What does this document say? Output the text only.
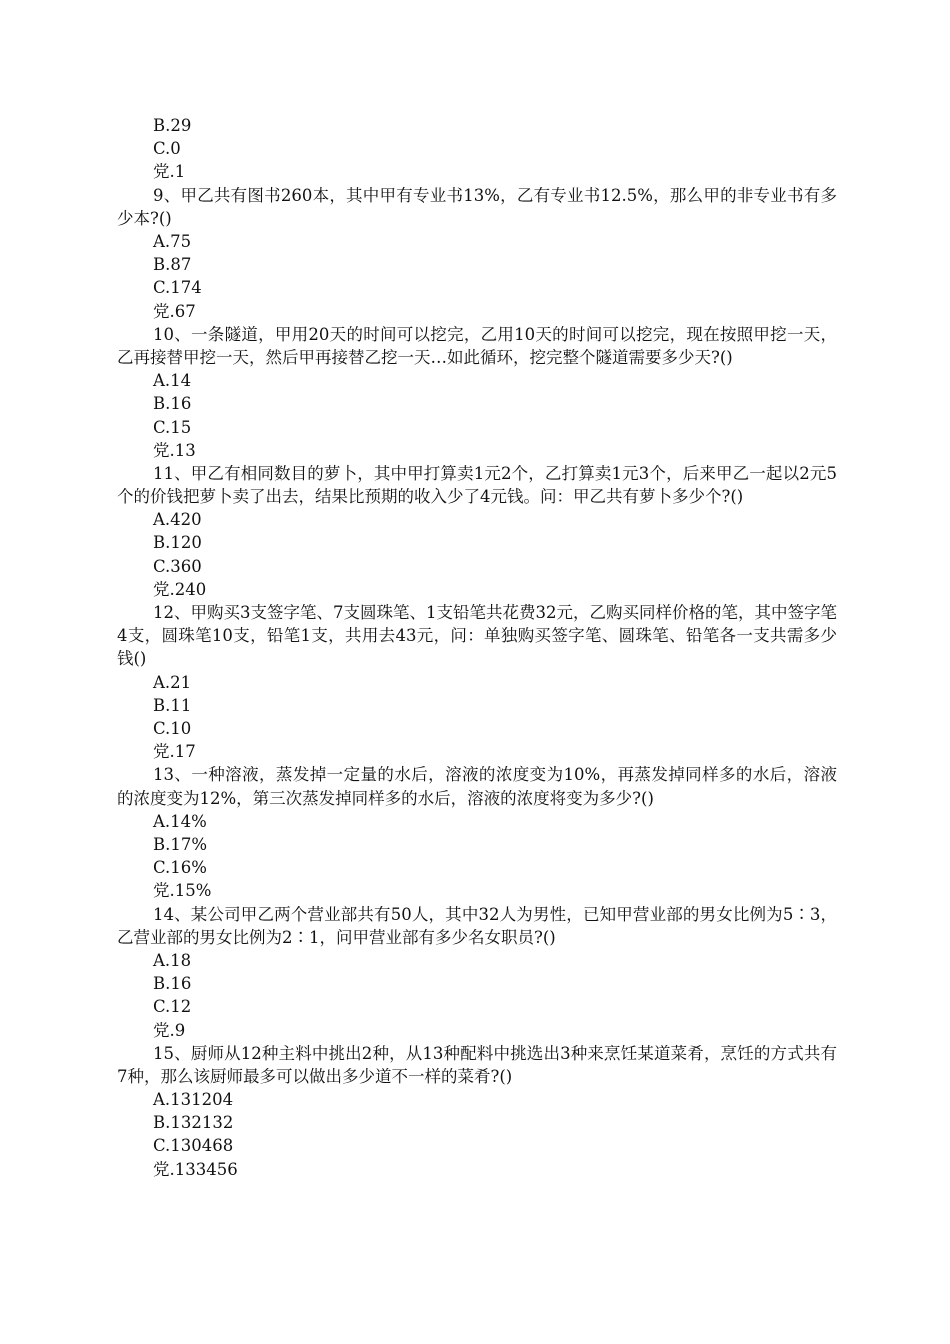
B.29
C.0
党.1
9、甲乙共有图书260本，其中甲有专业书13%，乙有专业书12.5%，那么甲的非专业书有多少本?()
A.75
B.87
C.174
党.67
10、一条隧道，甲用20天的时间可以挖完，乙用10天的时间可以挖完，现在按照甲挖一天，乙再接替甲挖一天，然后甲再接替乙挖一天…如此循环，挖完整个隧道需要多少天?()
A.14
B.16
C.15
党.13
11、甲乙有相同数目的萝卜，其中甲打算卖1元2个，乙打算卖1元3个，后来甲乙一起以2元5个的价钱把萝卜卖了出去，结果比预期的收入少了4元钱。问：甲乙共有萝卜多少个?()
A.420
B.120
C.360
党.240
12、甲购买3支签字笔、7支圆珠笔、1支铅笔共花费32元，乙购买同样价格的笔，其中签字笔4支，圆珠笔10支，铅笔1支，共用去43元，问：单独购买签字笔、圆珠笔、铅笔各一支共需多少钱()
A.21
B.11
C.10
党.17
13、一种溶液，蒸发掉一定量的水后，溶液的浓度变为10%，再蒸发掉同样多的水后，溶液的浓度变为12%，第三次蒸发掉同样多的水后，溶液的浓度将变为多少?()
A.14%
B.17%
C.16%
党.15%
14、某公司甲乙两个营业部共有50人，其中32人为男性，已知甲营业部的男女比例为5∶3，乙营业部的男女比例为2∶1，问甲营业部有多少名女职员?()
A.18
B.16
C.12
党.9
15、厨师从12种主料中挑出2种，从13种配料中挑选出3种来烹饪某道菜肴，烹饪的方式共有7种，那么该厨师最多可以做出多少道不一样的菜肴?()
A.131204
B.132132
C.130468
党.133456
